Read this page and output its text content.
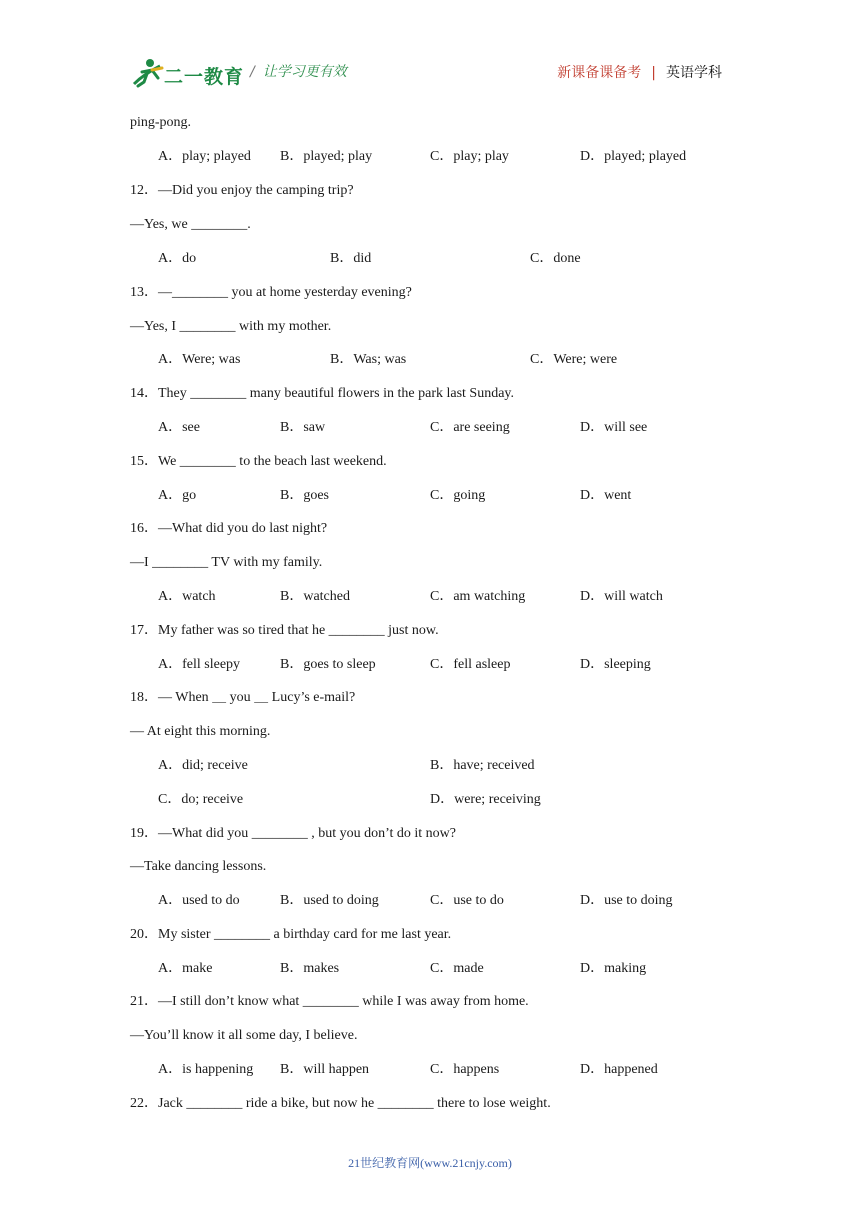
二一教育 / 让学习更有效	新课备课备考 | 英语学科
ping-pong.
A．play; played B．played; play	C．play; play	D．played; played
12．—Did you enjoy the camping trip?
—Yes, we ________.
A．do	B．did	C．done
13．—________ you at home yesterday evening?
—Yes, I ________ with my mother.
A．Were; was	B．Was; was	C．Were; were
14．They ________ many beautiful flowers in the park last Sunday.
A．see	B．saw	C．are seeing	D．will see
15．We ________ to the beach last weekend.
A．go	B．goes	C．going	D．went
16．—What did you do last night?
—I ________ TV with my family.
A．watch	B．watched	C．am watching	D．will watch
17．My father was so tired that he ________ just now.
A．fell sleepy	B．goes to sleep	C．fell asleep	D．sleeping
18．— When ＿ you ＿ Lucy’s e-mail?
— At eight this morning.
A．did; receive	B．have; received
C．do; receive	D．were; receiving
19．—What did you ________ , but you don’t do it now?
—Take dancing lessons.
A．used to do	B．used to doing	C．use to do	D．use to doing
20．My sister ________ a birthday card for me last year.
A．make	B．makes	C．made	D．making
21．—I still don’t know what ________ while I was away from home.
—You’ll know it all some day, I believe.
A．is happening B．will happen	C．happens	D．happened
22．Jack ________ ride a bike, but now he ________ there to lose weight.
21世纪教育网(www.21cnjy.com)
